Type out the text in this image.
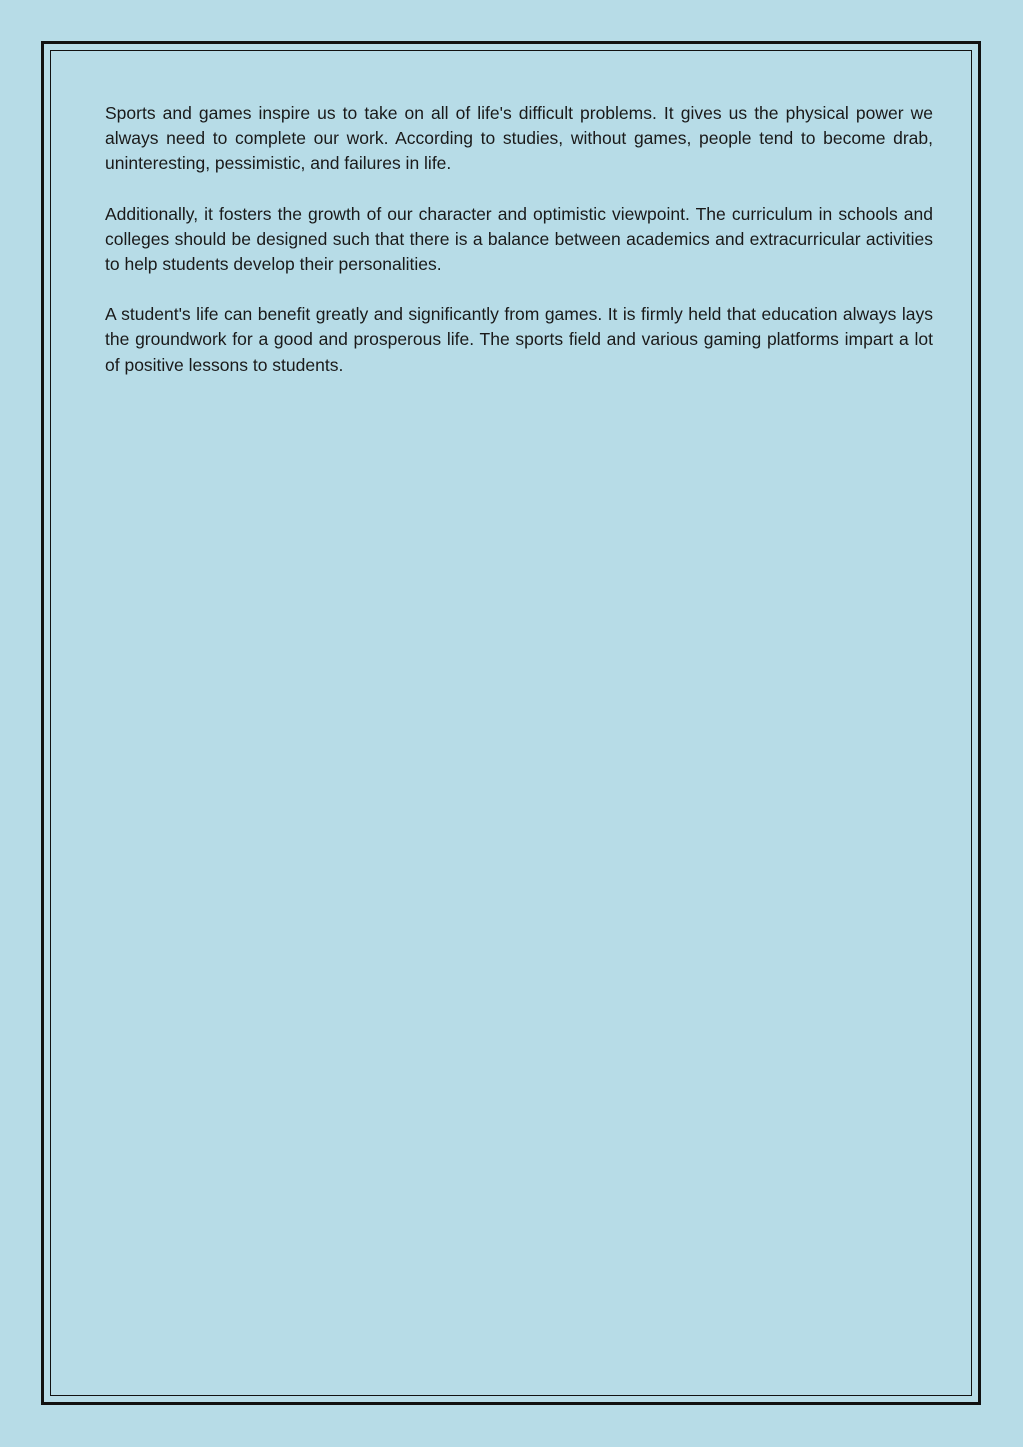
Sports and games inspire us to take on all of life's difficult problems. It gives us the physical power we always need to complete our work. According to studies, without games, people tend to become drab, uninteresting, pessimistic, and failures in life.

Additionally, it fosters the growth of our character and optimistic viewpoint. The curriculum in schools and colleges should be designed such that there is a balance between academics and extracurricular activities to help students develop their personalities.

A student's life can benefit greatly and significantly from games. It is firmly held that education always lays the groundwork for a good and prosperous life. The sports field and various gaming platforms impart a lot of positive lessons to students.
